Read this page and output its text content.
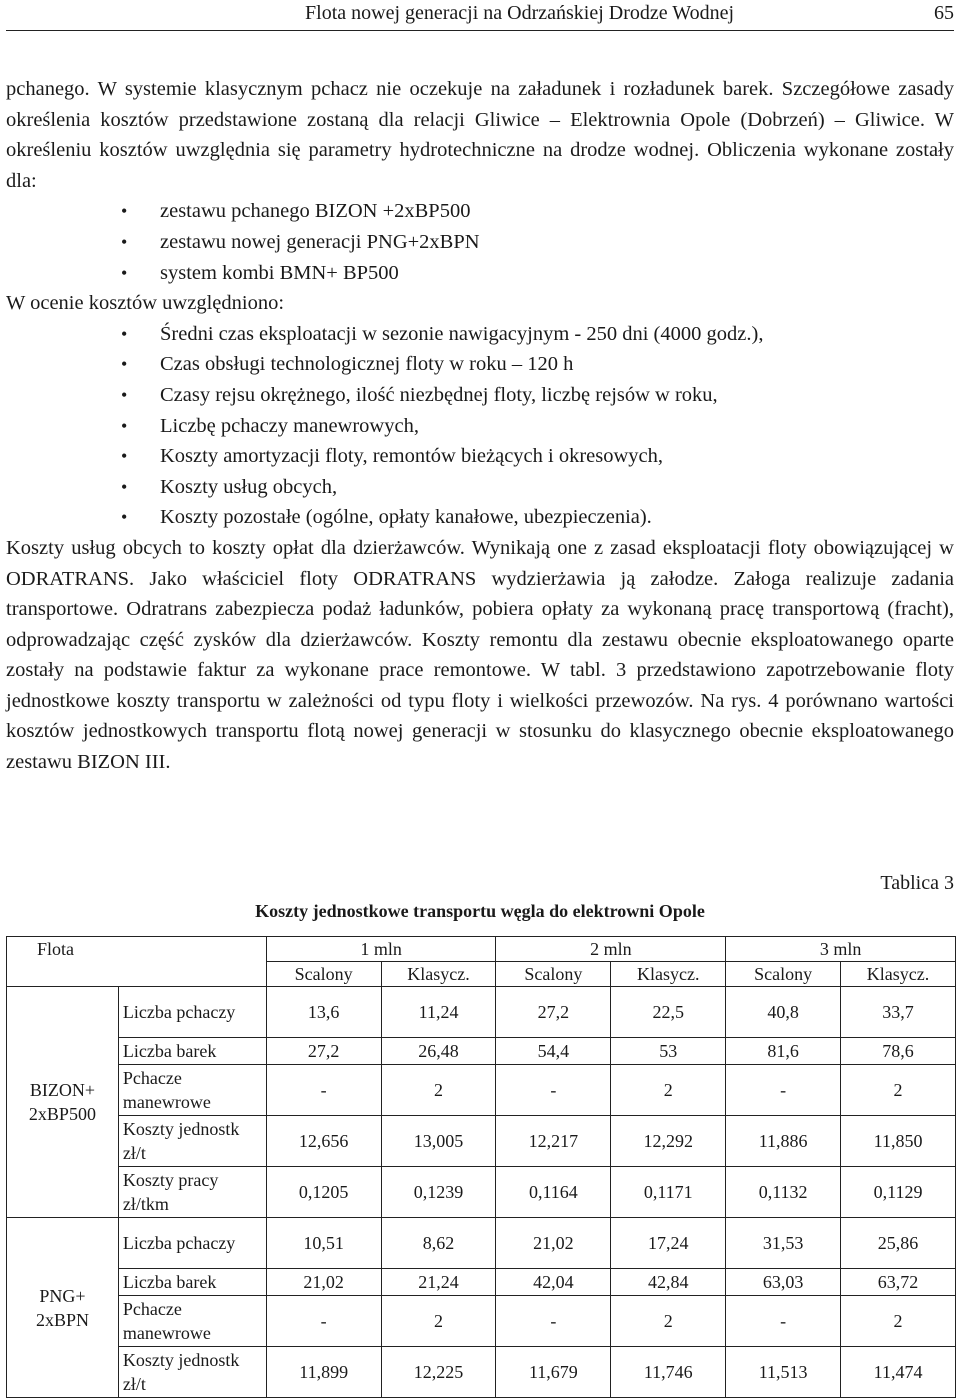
Flota nowej generacji na Odrzańskiej Drodze Wodnej	65

pchanego. W systemie klasycznym pchacz nie oczekuje na załadunek i rozładunek barek. Szczegółowe zasady określenia kosztów przedstawione zostaną dla relacji Gliwice – Elektrownia Opole (Dobrzeń) – Gliwice. W określeniu kosztów uwzględnia się parametry hydrotechniczne na drodze wodnej. Obliczenia wykonane zostały dla:

• zestawu pchanego BIZON +2xBP500
• zestawu nowej generacji PNG+2xBPN
• system kombi BMN+ BP500

W ocenie kosztów uwzględniono:

• Średni czas eksploatacji w sezonie nawigacyjnym - 250 dni (4000 godz.),
• Czas obsługi technologicznej floty w roku – 120 h
• Czasy rejsu okrężnego, ilość niezbędnej floty, liczbę rejsów w roku,
• Liczbę pchaczy manewrowych,
• Koszty amortyzacji floty, remontów bieżących i okresowych,
• Koszty usług obcych,
• Koszty pozostałe (ogólne, opłaty kanałowe, ubezpieczenia).

Koszty usług obcych to koszty opłat dla dzierżawców. Wynikają one z zasad eksploatacji floty obowiązującej w ODRATRANS. Jako właściciel floty ODRATRANS wydzierżawia ją załodze. Załoga realizuje zadania transportowe. Odratrans zabezpiecza podaż ładunków, pobiera opłaty za wykonaną pracę transportową (fracht), odprowadzając część zysków dla dzierżawców. Koszty remontu dla zestawu obecnie eksploatowanego oparte zostały na podstawie faktur za wykonane prace remontowe. W tabl. 3 przedstawiono zapotrzebowanie floty jednostkowe koszty transportu w zależności od typu floty i wielkości przewozów. Na rys. 4 porównano wartości kosztów jednostkowych transportu flotą nowej generacji w stosunku do klasycznego obecnie eksploatowanego zestawu BIZON III.

Tablica 3
Koszty jednostkowe transportu węgla do elektrowni Opole
Flota		1 mln		2 mln		3 mln	
		Scalony	Klasycz.	Scalony	Klasycz.	Scalony	Klasycz.
BIZON+ 2xBP500	Liczba pchaczy	13,6	11,24	27,2	22,5	40,8	33,7
	Liczba barek	27,2	26,48	54,4	53	81,6	78,6
	Pchacze manewrowe	-	2	-	2	-	2
	Koszty jednostk zł/t	12,656	13,005	12,217	12,292	11,886	11,850
	Koszty pracy zł/tkm	0,1205	0,1239	0,1164	0,1171	0,1132	0,1129
PNG+ 2xBPN	Liczba pchaczy	10,51	8,62	21,02	17,24	31,53	25,86
	Liczba barek	21,02	21,24	42,04	42,84	63,03	63,72
	Pchacze manewrowe	-	2	-	2	-	2
	Koszty jednostk zł/t	11,899	12,225	11,679	11,746	11,513	11,474
